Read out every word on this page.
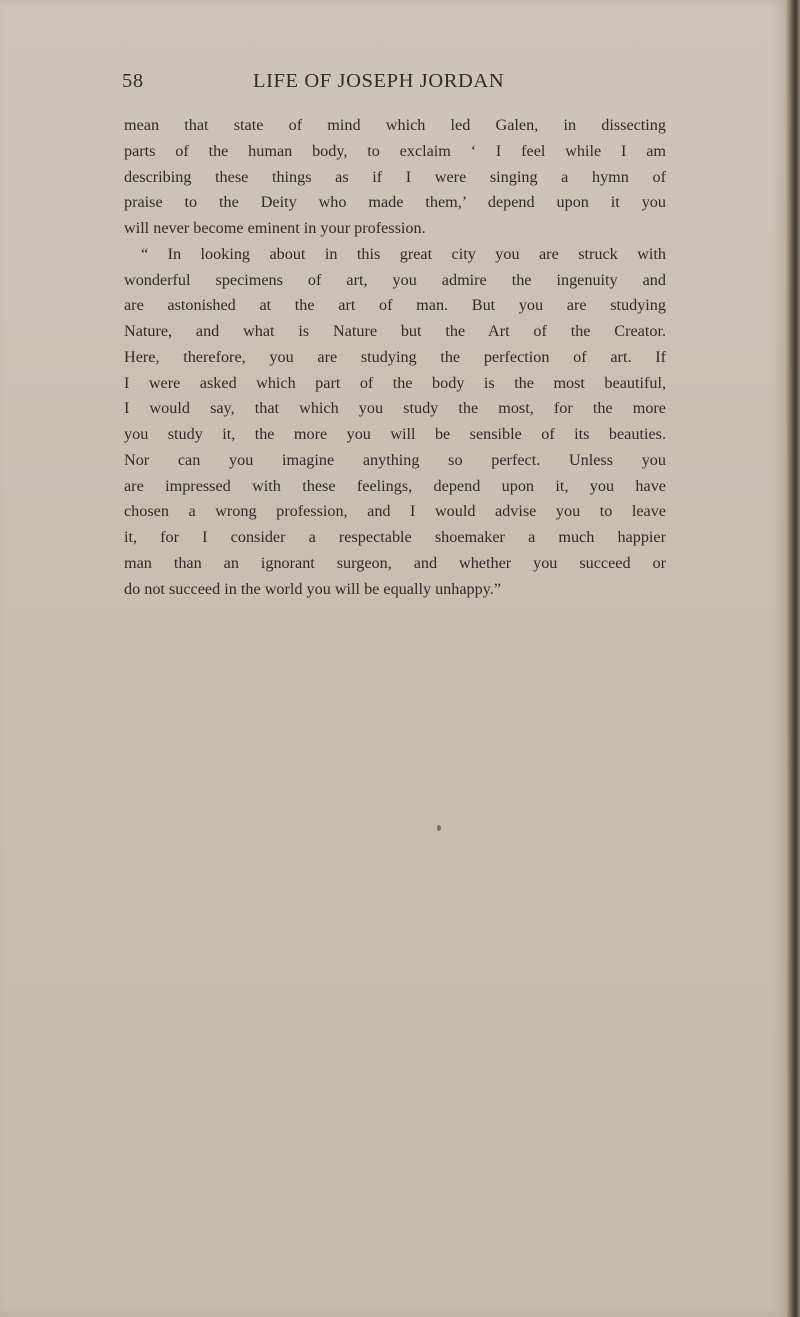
58	LIFE OF JOSEPH JORDAN
mean that state of mind which led Galen, in dissecting
parts of the human body, to exclaim ‘ I feel while I am
describing these things as if I were singing a hymn of
praise to the Deity who made them,’ depend upon it you
will never become eminent in your profession.
“ In looking about in this great city you are struck with
wonderful specimens of art, you admire the ingenuity and
are astonished at the art of man. But you are studying
Nature, and what is Nature but the Art of the Creator.
Here, therefore, you are studying the perfection of art. If
I were asked which part of the body is the most beautiful,
I would say, that which you study the most, for the more
you study it, the more you will be sensible of its beauties.
Nor can you imagine anything so perfect. Unless you
are impressed with these feelings, depend upon it, you have
chosen a wrong profession, and I would advise you to leave
it, for I consider a respectable shoemaker a much happier
man than an ignorant surgeon, and whether you succeed or
do not succeed in the world you will be equally unhappy.”
